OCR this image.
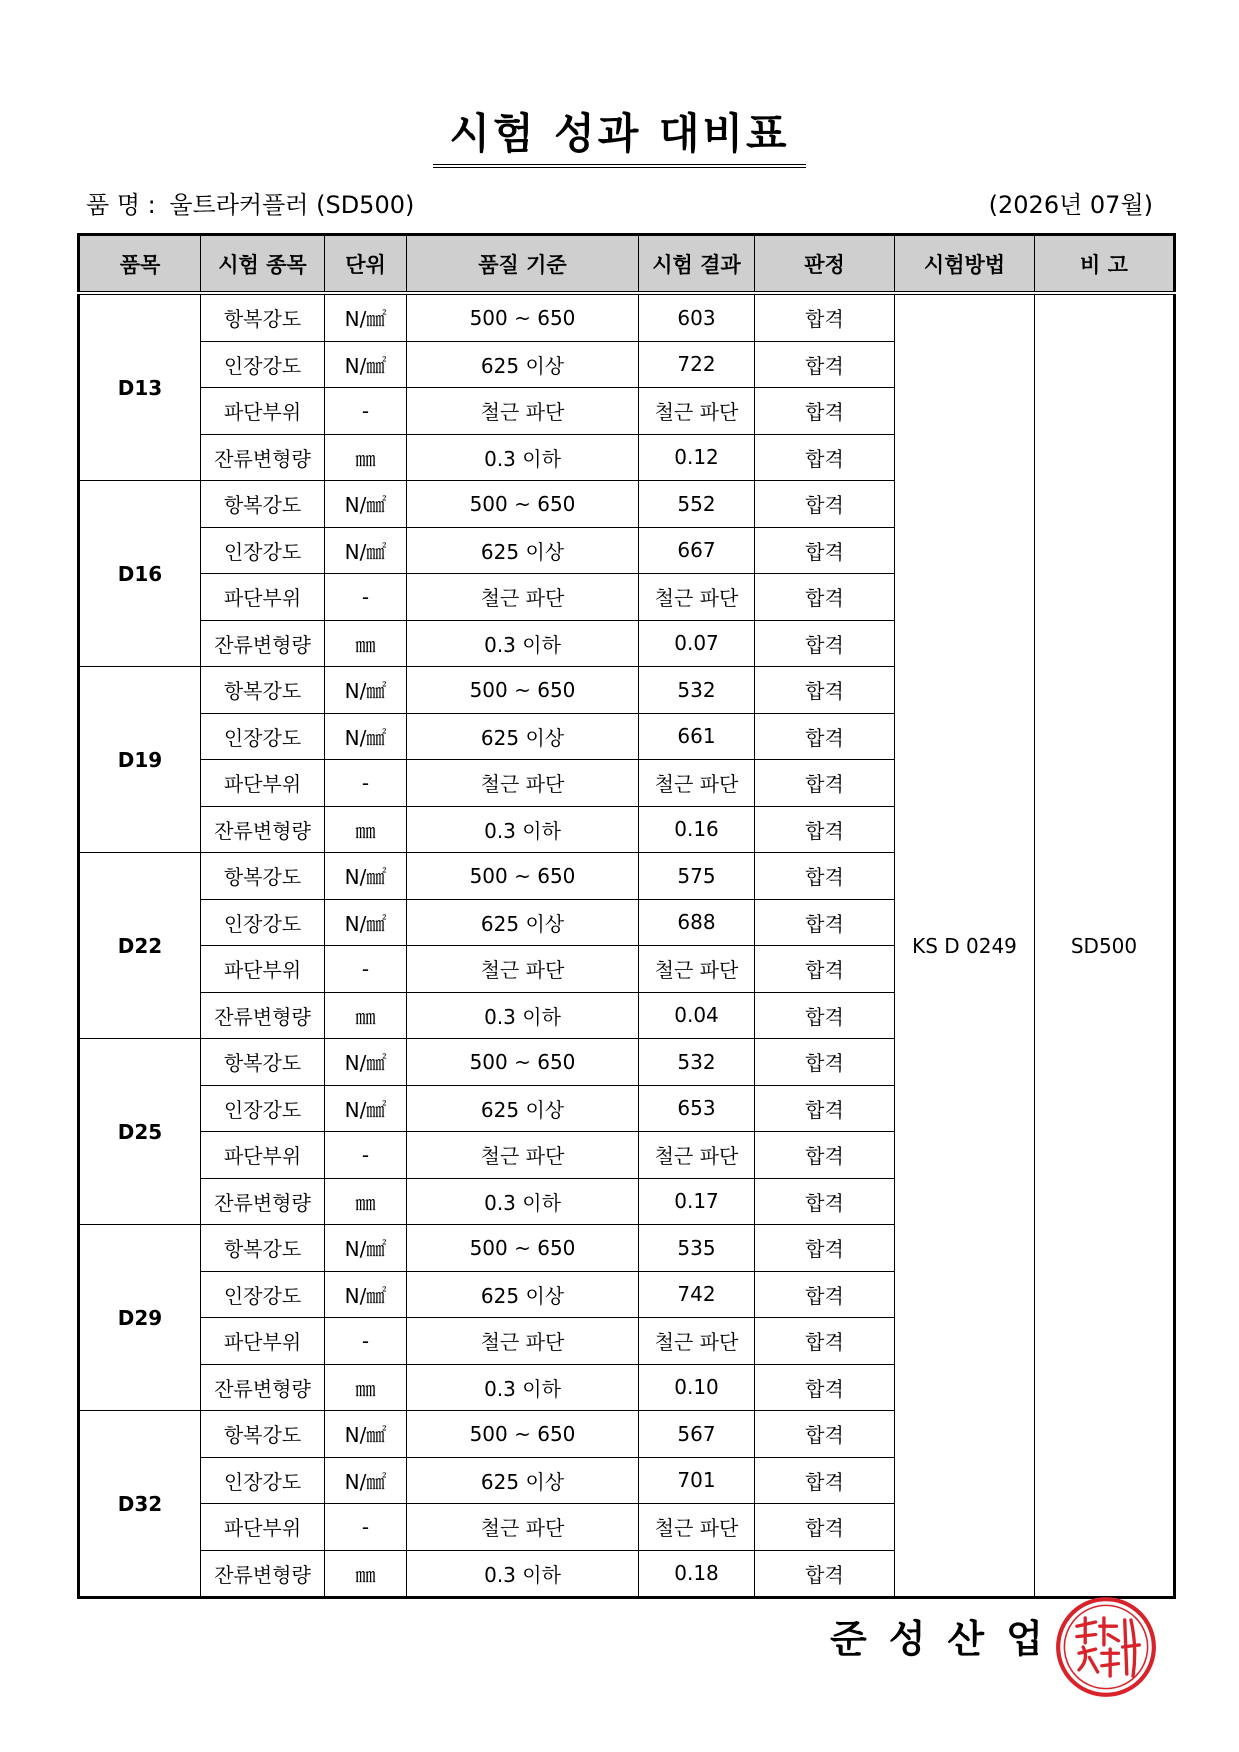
시험 성과 대비표
품 명 : 울트라커플러 (SD500)	(2026년 07월)
품목	시험 종목	단위	품질 기준	시험 결과	판정	시험방법	비 고
D13	항복강도	N/㎟	500 ~ 650	603	합격	KS D 0249	SD500
	인장강도	N/㎟	625 이상	722	합격		
	파단부위	-	철근 파단	철근 파단	합격		
	잔류변형량	㎜	0.3 이하	0.12	합격		
D16	항복강도	N/㎟	500 ~ 650	552	합격		
	인장강도	N/㎟	625 이상	667	합격		
	파단부위	-	철근 파단	철근 파단	합격		
	잔류변형량	㎜	0.3 이하	0.07	합격		
D19	항복강도	N/㎟	500 ~ 650	532	합격		
	인장강도	N/㎟	625 이상	661	합격		
	파단부위	-	철근 파단	철근 파단	합격		
	잔류변형량	㎜	0.3 이하	0.16	합격		
D22	항복강도	N/㎟	500 ~ 650	575	합격		
	인장강도	N/㎟	625 이상	688	합격		
	파단부위	-	철근 파단	철근 파단	합격		
	잔류변형량	㎜	0.3 이하	0.04	합격		
D25	항복강도	N/㎟	500 ~ 650	532	합격		
	인장강도	N/㎟	625 이상	653	합격		
	파단부위	-	철근 파단	철근 파단	합격		
	잔류변형량	㎜	0.3 이하	0.17	합격		
D29	항복강도	N/㎟	500 ~ 650	535	합격		
	인장강도	N/㎟	625 이상	742	합격		
	파단부위	-	철근 파단	철근 파단	합격		
	잔류변형량	㎜	0.3 이하	0.10	합격		
D32	항복강도	N/㎟	500 ~ 650	567	합격		
	인장강도	N/㎟	625 이상	701	합격		
	파단부위	-	철근 파단	철근 파단	합격		
	잔류변형량	㎜	0.3 이하	0.18	합격		
준성산업
